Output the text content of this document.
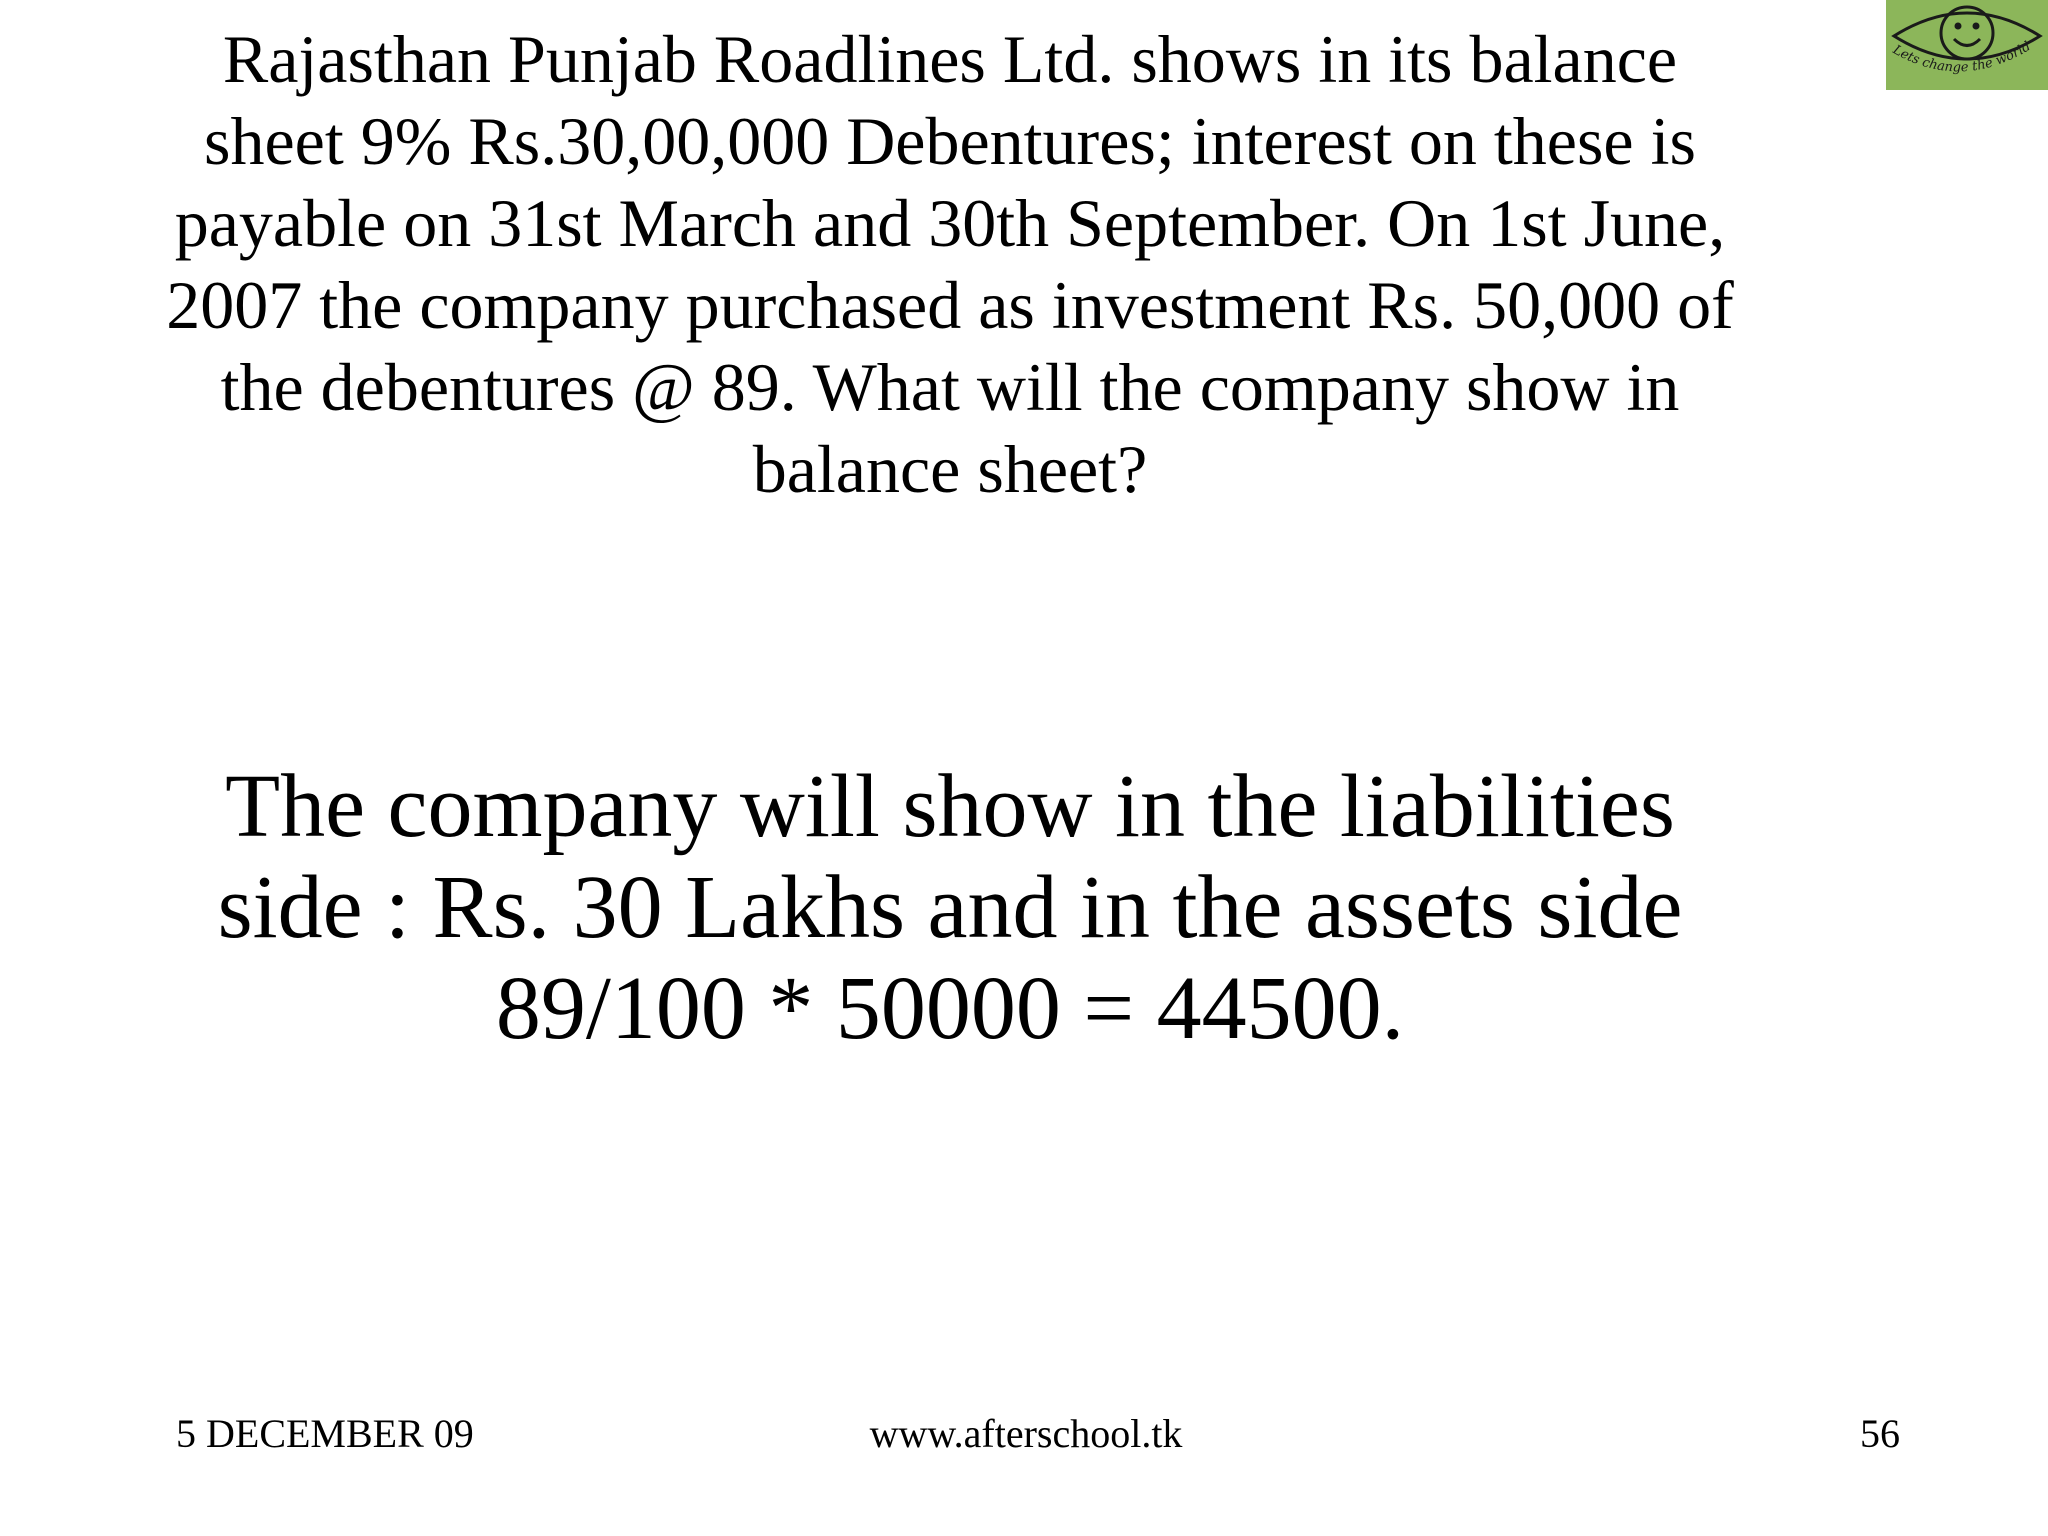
Rajasthan Punjab Roadlines Ltd. shows in its balance sheet 9% Rs.30,00,000 Debentures; interest on these is payable on 31st March and 30th September. On 1st June, 2007 the company purchased as investment Rs. 50,000 of the debentures @ 89. What will the company show in balance sheet?

The company will show in the liabilities side : Rs. 30 Lakhs and in the assets side 89/100 * 50000 = 44500.

5 DECEMBER 09	www.afterschool.tk	56
Lets change the world
